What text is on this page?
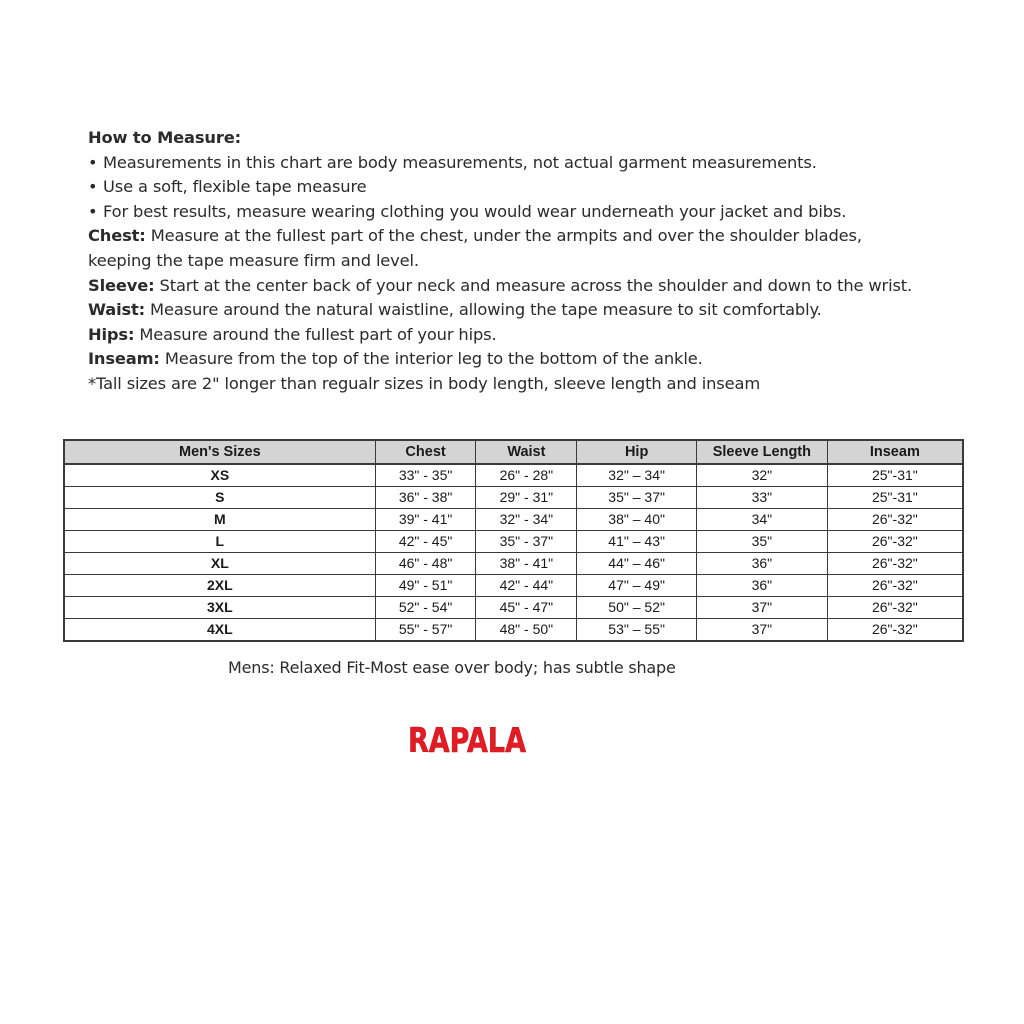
How to Measure:

• Measurements in this chart are body measurements, not actual garment measurements.
• Use a soft, flexible tape measure
• For best results, measure wearing clothing you would wear underneath your jacket and bibs.

Chest: Measure at the fullest part of the chest, under the armpits and over the shoulder blades,

keeping the tape measure firm and level.

Sleeve: Start at the center back of your neck and measure across the shoulder and down to the wrist.

Waist: Measure around the natural waistline, allowing the tape measure to sit comfortably.

Hips: Measure around the fullest part of your hips.

Inseam: Measure from the top of the interior leg to the bottom of the ankle.

*Tall sizes are 2" longer than regualr sizes in body length, sleeve length and inseam

Men's Sizes	Chest	Waist	Hip	Sleeve Length	Inseam
XS	33" - 35"	26" - 28"	32" – 34"	32"	25"-31"
S	36" - 38"	29" - 31"	35" – 37"	33"	25"-31"
M	39" - 41"	32" - 34"	38" – 40"	34"	26"-32"
L	42" - 45"	35" - 37"	41" – 43"	35"	26"-32"
XL	46" - 48"	38" - 41"	44" – 46"	36"	26"-32"
2XL	49" - 51"	42" - 44"	47" – 49"	36"	26"-32"
3XL	52" - 54"	45" - 47"	50" – 52"	37"	26"-32"
4XL	55" - 57"	48" - 50"	53" – 55"	37"	26"-32"
Mens: Relaxed Fit-Most ease over body; has subtle shape
RAPALA
